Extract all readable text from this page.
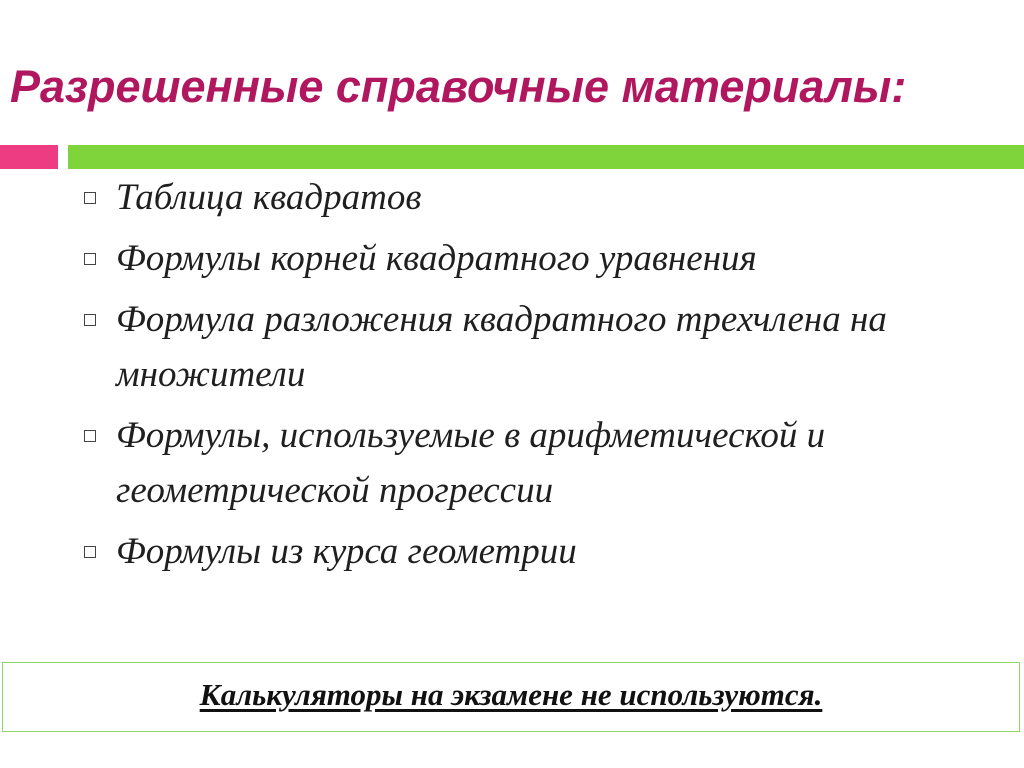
Разрешенные справочные материалы:
Таблица квадратов
Формулы корней квадратного уравнения
Формула разложения квадратного трехчлена на множители
Формулы, используемые в арифметической и геометрической прогрессии
Формулы из курса геометрии
Калькуляторы на экзамене не используются.
